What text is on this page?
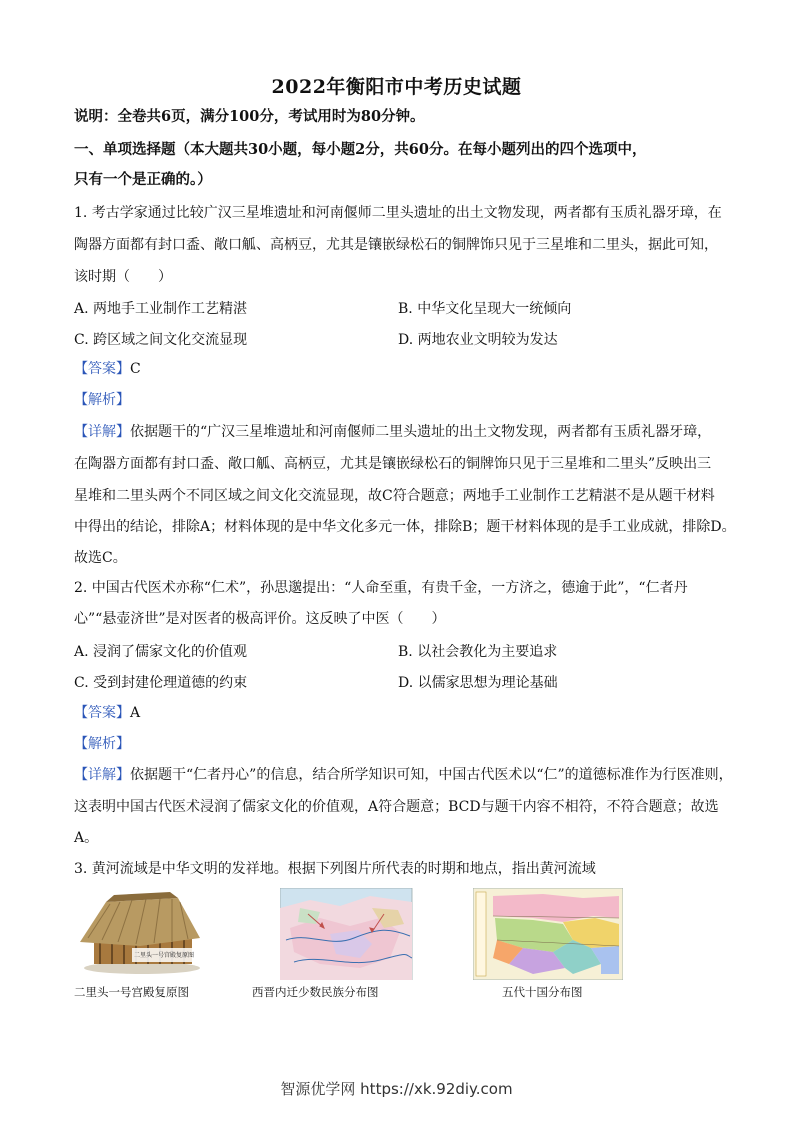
2022年衡阳市中考历史试题
说明：全卷共6页，满分100分，考试用时为80分钟。
一、单项选择题（本大题共30小题，每小题2分，共60分。在每小题列出的四个选项中，
只有一个是正确的。）
1. 考古学家通过比较广汉三星堆遗址和河南偃师二里头遗址的出土文物发现，两者都有玉质礼器牙璋，在
陶器方面都有封口盉、敞口觚、高柄豆，尤其是镶嵌绿松石的铜牌饰只见于三星堆和二里头，据此可知，
该时期（　　）
A. 两地手工业制作工艺精湛	B. 中华文化呈现大一统倾向
C. 跨区域之间文化交流显现	D. 两地农业文明较为发达
【答案】C
【解析】
【详解】依据题干的“广汉三星堆遗址和河南偃师二里头遗址的出土文物发现，两者都有玉质礼器牙璋，
在陶器方面都有封口盉、敞口觚、高柄豆，尤其是镶嵌绿松石的铜牌饰只见于三星堆和二里头”反映出三
星堆和二里头两个不同区域之间文化交流显现，故C符合题意；两地手工业制作工艺精湛不是从题干材料
中得出的结论，排除A；材料体现的是中华文化多元一体，排除B；题干材料体现的是手工业成就，排除D。
故选C。
2. 中国古代医术亦称“仁术”，孙思邈提出：“人命至重，有贵千金，一方济之，德逾于此”，“仁者丹
心”“悬壶济世”是对医者的极高评价。这反映了中医（　　）
A. 浸润了儒家文化的价值观	B. 以社会教化为主要追求
C. 受到封建伦理道德的约束	D. 以儒家思想为理论基础
【答案】A
【解析】
【详解】依据题干“仁者丹心”的信息，结合所学知识可知，中国古代医术以“仁”的道德标准作为行医准则，
这表明中国古代医术浸润了儒家文化的价值观，A符合题意；BCD与题干内容不相符，不符合题意；故选
A。
3. 黄河流域是中华文明的发祥地。根据下列图片所代表的时期和地点，指出黄河流域
二里头一号宫殿复原图
二里头一号宫殿复原图	西晋内迁少数民族分布图	五代十国分布图
智源优学网 https://xk.92diy.com
